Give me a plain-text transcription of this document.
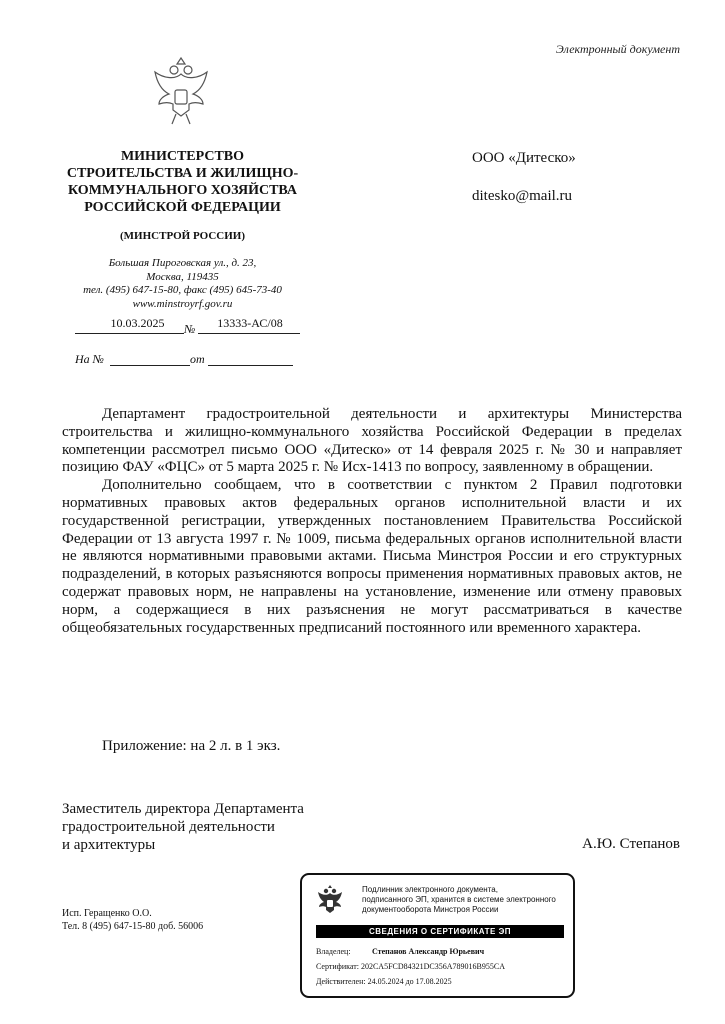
Электронный документ
МИНИСТЕРСТВО
СТРОИТЕЛЬСТВА И ЖИЛИЩНО-
КОММУНАЛЬНОГО ХОЗЯЙСТВА
РОССИЙСКОЙ ФЕДЕРАЦИИ
(МИНСТРОЙ РОССИИ)
Большая Пироговская ул., д. 23,
Москва, 119435
тел. (495) 647-15-80, факс (495) 645-73-40
www.minstroyrf.gov.ru
10.03.2025	№	13333-АС/08
На №	от
ООО «Дитеско»
ditesko@mail.ru

Департамент градостроительной деятельности и архитектуры Министерства строительства и жилищно-коммунального хозяйства Российской Федерации в пределах компетенции рассмотрел письмо ООО «Дитеско» от 14 февраля 2025 г. № 30 и направляет позицию ФАУ «ФЦС» от 5 марта 2025 г. № Исх-1413 по вопросу, заявленному в обращении.

Дополнительно сообщаем, что в соответствии с пунктом 2 Правил подготовки нормативных правовых актов федеральных органов исполнительной власти и их государственной регистрации, утвержденных постановлением Правительства Российской Федерации от 13 августа 1997 г. № 1009, письма федеральных органов исполнительной власти не являются нормативными правовыми актами. Письма Минстроя России и его структурных подразделений, в которых разъясняются вопросы применения нормативных правовых актов, не содержат правовых норм, не направлены на установление, изменение или отмену правовых норм, а содержащиеся в них разъяснения не могут рассматриваться в качестве общеобязательных государственных предписаний постоянного или временного характера.

Приложение: на 2 л. в 1 экз.
Заместитель директора Департамента
градостроительной деятельности
и архитектуры	А.Ю. Степанов
Исп. Геращенко О.О.
Тел. 8 (495) 647-15-80 доб. 56006
Подлинник электронного документа,
подписанного ЭП, хранится в системе электронного
документооборота Минстроя России
СВЕДЕНИЯ О СЕРТИФИКАТЕ ЭП
Владелец:	Степанов Александр Юрьевич
Сертификат: 202CA5FCD84321DC356A789016B955CA
Действителен: 24.05.2024 до 17.08.2025
